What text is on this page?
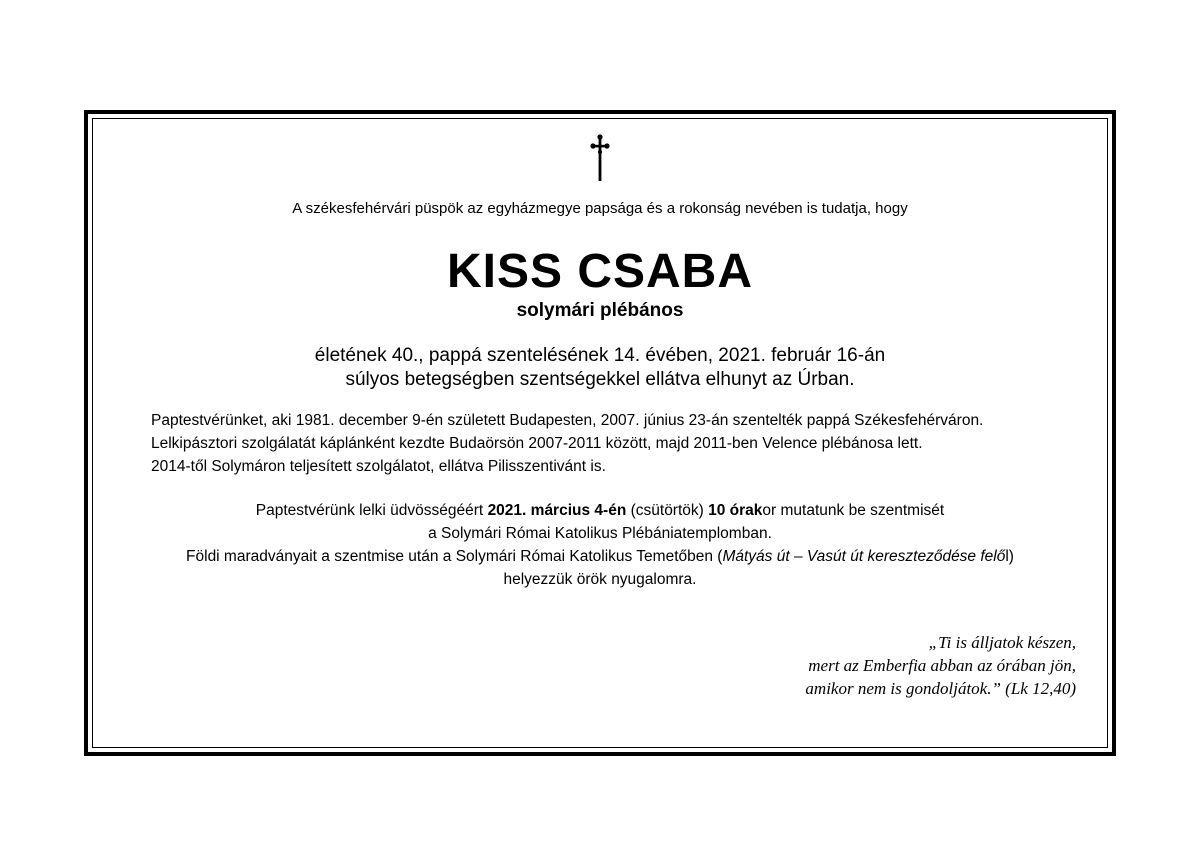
A székesfehérvári püspök az egyházmegye papsága és a rokonság nevében is tudatja, hogy
KISS CSABA
solymári plébános
életének 40., pappá szentelésének 14. évében, 2021. február 16-án
súlyos betegségben szentségekkel ellátva elhunyt az Úrban.
Paptestvérünket, aki 1981. december 9-én született Budapesten, 2007. június 23-án szentelték pappá Székesfehérváron.
Lelkipásztori szolgálatát káplánként kezdte Budaörsön 2007-2011 között, majd 2011-ben Velence plébánosa lett.
2014-től Solymáron teljesített szolgálatot, ellátva Pilisszentivánt is.
Paptestvérünk lelki üdvösségéért 2021. március 4-én (csütörtök) 10 órakor mutatunk be szentmisét
a Solymári Római Katolikus Plébániatemplomban.
Földi maradványait a szentmise után a Solymári Római Katolikus Temetőben (Mátyás út – Vasút út kereszteződése felől)
helyezzük örök nyugalomra.
„Ti is álljatok készen,
mert az Emberfia abban az órában jön,
amikor nem is gondoljátok.” (Lk 12,40)
